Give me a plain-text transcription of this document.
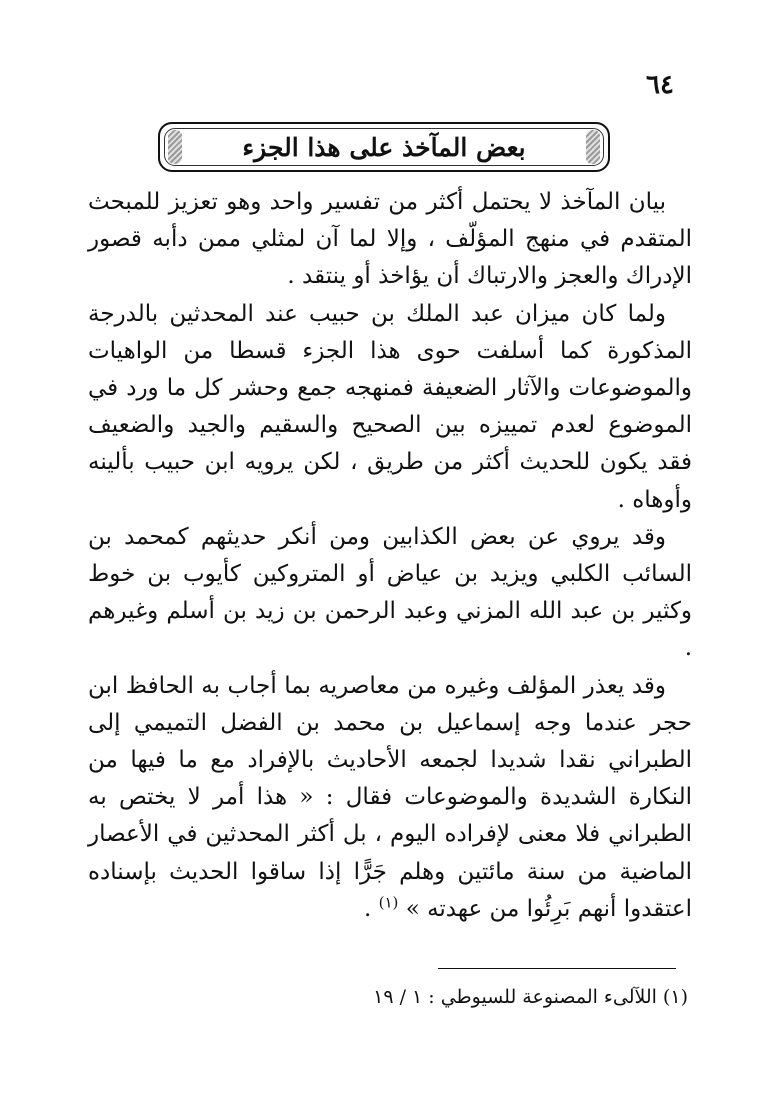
٦٤
بعض المآخذ على هذا الجزء

بيان المآخذ لا يحتمل أكثر من تفسير واحد وهو تعزيز للمبحث المتقدم في منهج المؤلّف ، وإلا لما آن لمثلي ممن دأبه قصور الإدراك والعجز والارتباك أن يؤاخذ أو ينتقد .

ولما كان ميزان عبد الملك بن حبيب عند المحدثين بالدرجة المذكورة كما أسلفت حوى هذا الجزء قسطا من الواهيات والموضوعات والآثار الضعيفة فمنهجه جمع وحشر كل ما ورد في الموضوع لعدم تمييزه بين الصحيح والسقيم والجيد والضعيف فقد يكون للحديث أكثر من طريق ، لكن يرويه ابن حبيب بألينه وأوهاه .

وقد يروي عن بعض الكذابين ومن أنكر حديثهم كمحمد بن السائب الكلبي ويزيد بن عياض أو المتروكين كأيوب بن خوط وكثير بن عبد الله المزني وعبد الرحمن بن زيد بن أسلم وغيرهم .

وقد يعذر المؤلف وغيره من معاصريه بما أجاب به الحافظ ابن حجر عندما وجه إسماعيل بن محمد بن الفضل التميمي إلى الطبراني نقدا شديدا لجمعه الأحاديث بالإفراد مع ما فيها من النكارة الشديدة والموضوعات فقال : « هذا أمر لا يختص به الطبراني فلا معنى لإفراده اليوم ، بل أكثر المحدثين في الأعصار الماضية من سنة مائتين وهلم جَرًّا إذا ساقوا الحديث بإسناده اعتقدوا أنهم بَرِئُوا من عهدته » $^{(١)}$ .

(١) اللآلىء المصنوعة للسيوطي : ١ / ١٩
